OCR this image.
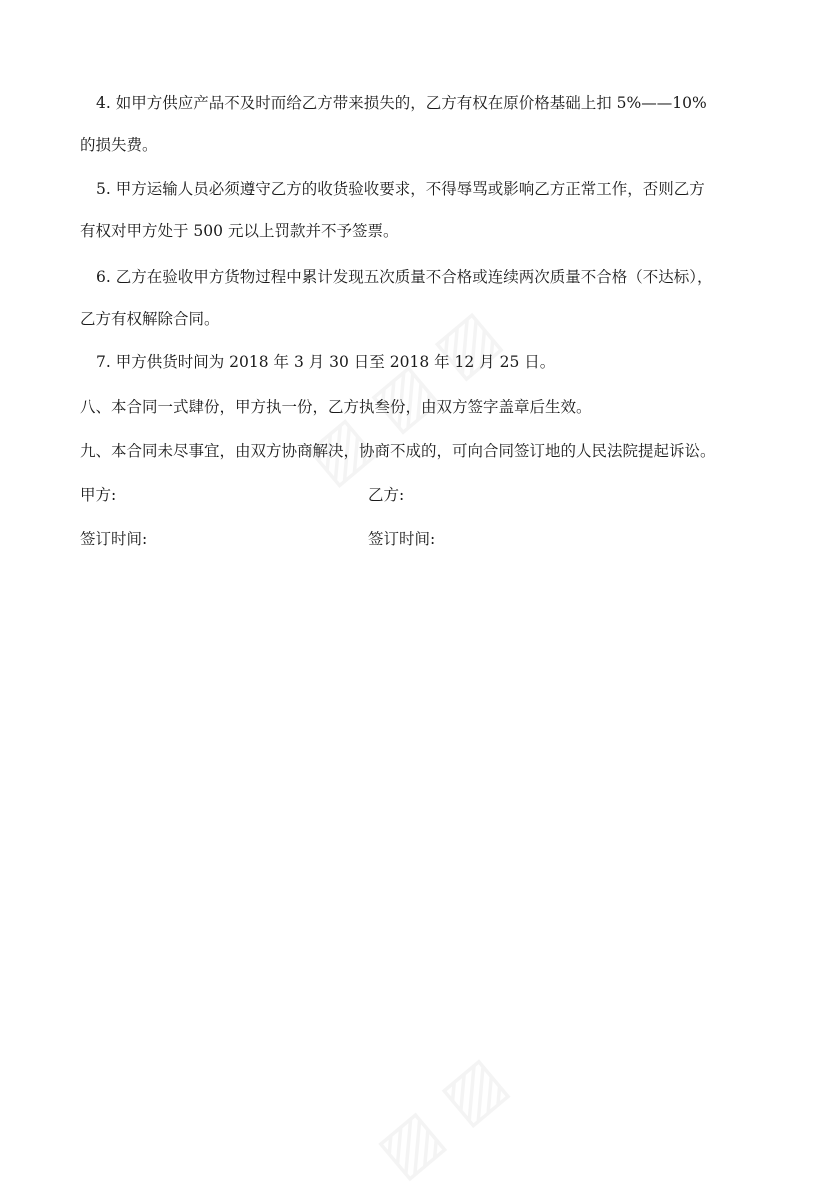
4. 如甲方供应产品不及时而给乙方带来损失的，乙方有权在原价格基础上扣 5%——10%
的损失费。
5. 甲方运输人员必须遵守乙方的收货验收要求，不得辱骂或影响乙方正常工作，否则乙方
有权对甲方处于 500 元以上罚款并不予签票。
6. 乙方在验收甲方货物过程中累计发现五次质量不合格或连续两次质量不合格（不达标），
乙方有权解除合同。
7. 甲方供货时间为 2018 年 3 月 30 日至 2018 年 12 月 25 日。
八、本合同一式肆份，甲方执一份，乙方执叁份，由双方签字盖章后生效。
九、本合同未尽事宜，由双方协商解决，协商不成的，可向合同签订地的人民法院提起诉讼。
甲方:	乙方:
签订时间:	签订时间:
